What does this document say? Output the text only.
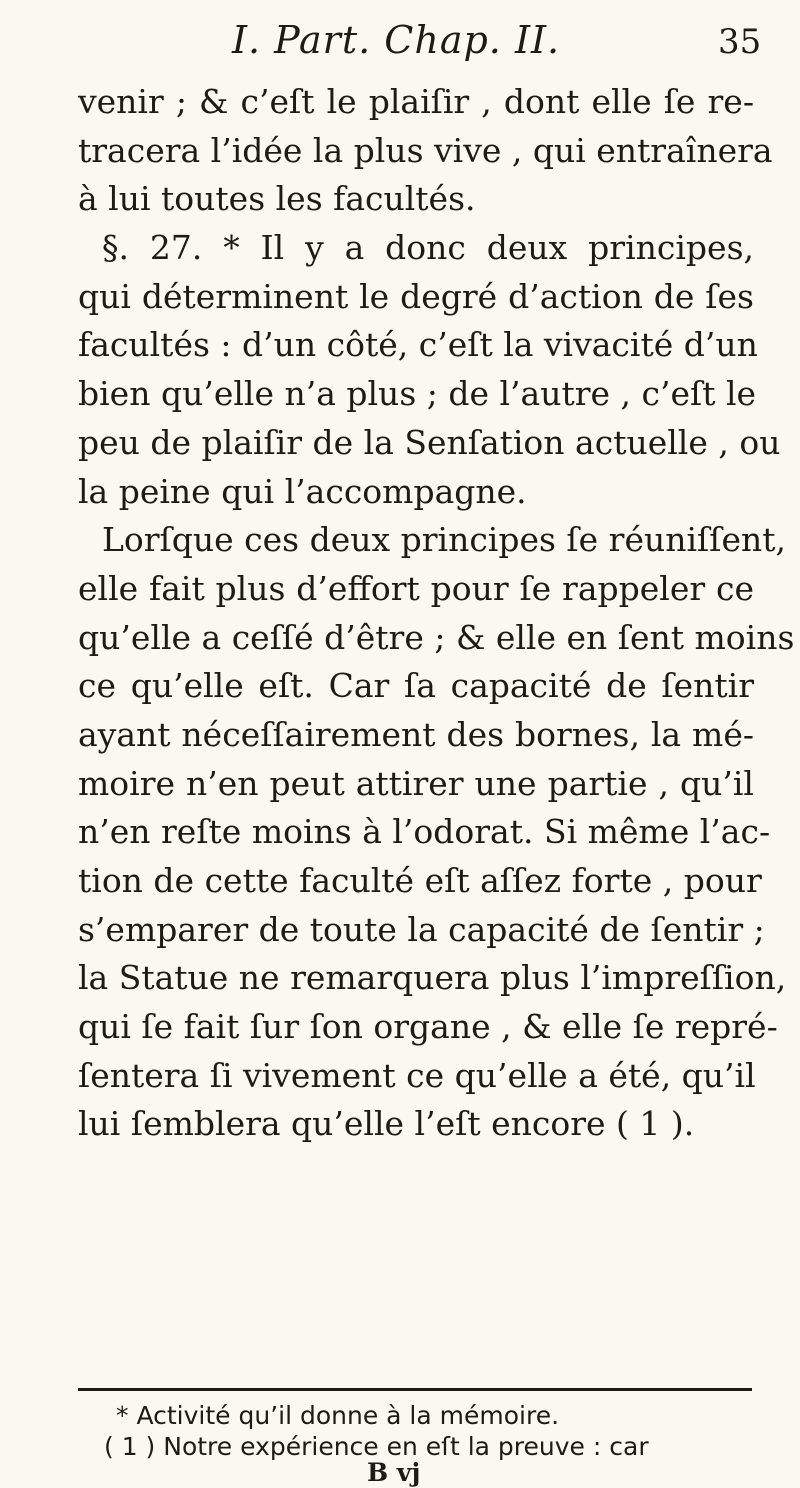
I. Part. Chap. II.	35
venir ; & c’eſt le plaiſir , dont elle ſe re-
tracera l’idée la plus vive , qui entraînera
à lui toutes les facultés.
§. 27. * Il y a donc deux principes,
qui déterminent le degré d’action de ſes
facultés : d’un côté, c’eſt la vivacité d’un
bien qu’elle n’a plus ; de l’autre , c’eſt le
peu de plaiſir de la Senſation actuelle , ou
la peine qui l’accompagne.
Lorſque ces deux principes ſe réuniſſent,
elle fait plus d’effort pour ſe rappeler ce
qu’elle a ceſſé d’être ; & elle en ſent moins
ce qu’elle eſt. Car ſa capacité de ſentir
ayant néceſſairement des bornes, la mé-
moire n’en peut attirer une partie , qu’il
n’en reſte moins à l’odorat. Si même l’ac-
tion de cette faculté eſt aſſez forte , pour
s’emparer de toute la capacité de ſentir ;
la Statue ne remarquera plus l’impreſſion,
qui ſe fait ſur ſon organe , & elle ſe repré-
ſentera ſi vivement ce qu’elle a été, qu’il
lui ſemblera qu’elle l’eſt encore ( 1 ).
* Activité qu’il donne à la mémoire.
( 1 ) Notre expérience en eſt la preuve : car
B vj
